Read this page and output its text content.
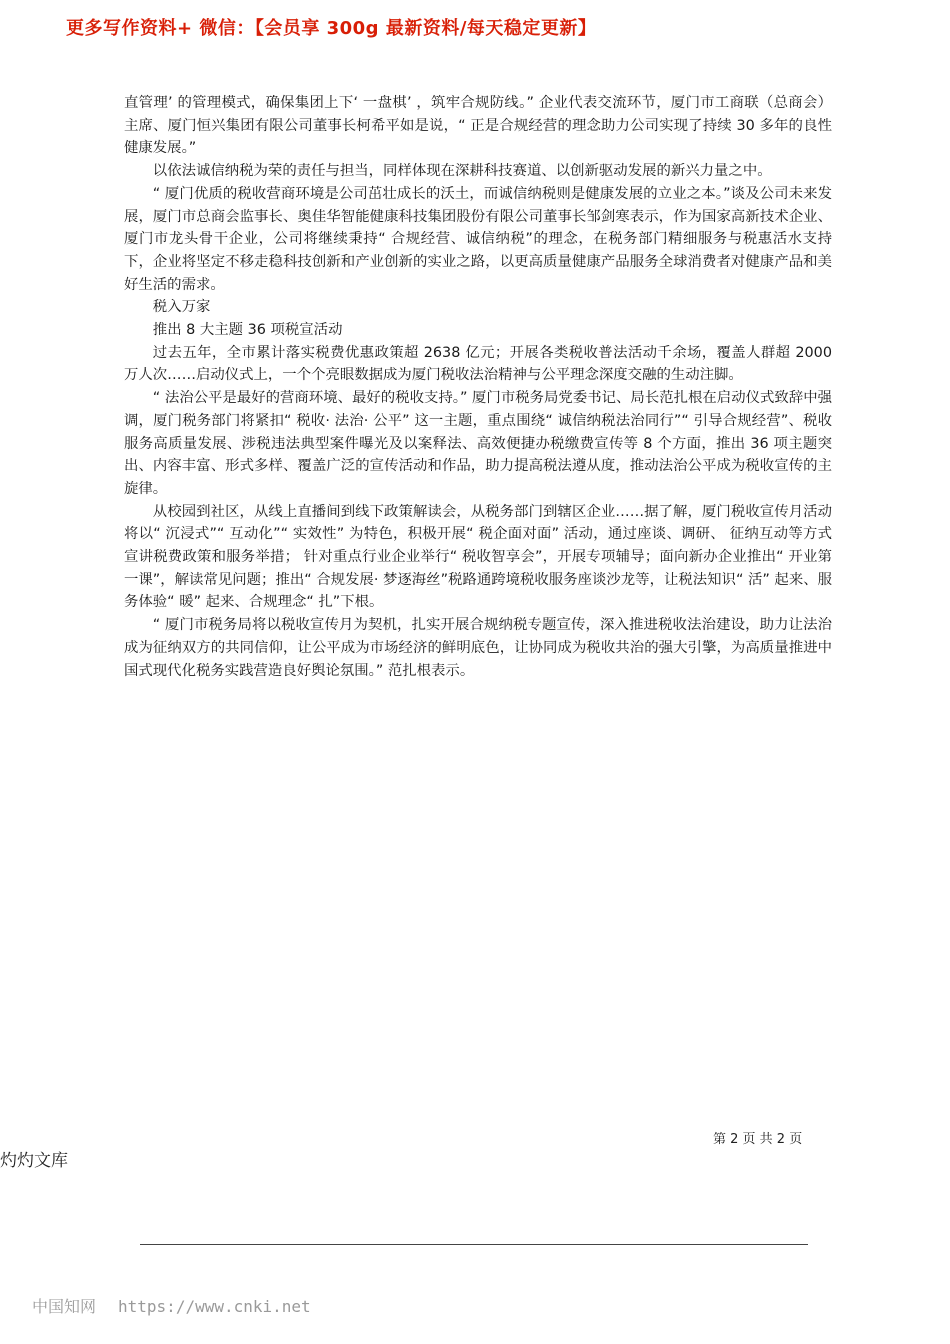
更多写作资料+ 微信：【会员享 300g 最新资料/每天稳定更新】

直管理’ 的管理模式，确保集团上下‘ 一盘棋’ ，筑牢合规防线。” 企业代表交流环节，厦门市工商联（总商会）主席、厦门恒兴集团有限公司董事长柯希平如是说，“ 正是合规经营的理念助力公司实现了持续 30 多年的良性健康发展。”

以依法诚信纳税为荣的责任与担当，同样体现在深耕科技赛道、以创新驱动发展的新兴力量之中。

“ 厦门优质的税收营商环境是公司茁壮成长的沃土，而诚信纳税则是健康发展的立业之本。”谈及公司未来发展，厦门市总商会监事长、奥佳华智能健康科技集团股份有限公司董事长邹剑寒表示，作为国家高新技术企业、厦门市龙头骨干企业，公司将继续秉持“ 合规经营、诚信纳税”的理念，在税务部门精细服务与税惠活水支持下，企业将坚定不移走稳科技创新和产业创新的实业之路，以更高质量健康产品服务全球消费者对健康产品和美好生活的需求。

税入万家

推出 8 大主题 36 项税宣活动

过去五年，全市累计落实税费优惠政策超 2638 亿元；开展各类税收普法活动千余场，覆盖人群超 2000 万人次……启动仪式上，一个个亮眼数据成为厦门税收法治精神与公平理念深度交融的生动注脚。

“ 法治公平是最好的营商环境、最好的税收支持。” 厦门市税务局党委书记、局长范扎根在启动仪式致辞中强调，厦门税务部门将紧扣“ 税收· 法治· 公平” 这一主题，重点围绕“ 诚信纳税法治同行”“ 引导合规经营”、税收服务高质量发展、涉税违法典型案件曝光及以案释法、高效便捷办税缴费宣传等 8 个方面，推出 36 项主题突出、内容丰富、形式多样、覆盖广泛的宣传活动和作品，助力提高税法遵从度，推动法治公平成为税收宣传的主旋律。

从校园到社区，从线上直播间到线下政策解读会，从税务部门到辖区企业……据了解，厦门税收宣传月活动将以“ 沉浸式”“ 互动化”“ 实效性” 为特色，积极开展“ 税企面对面” 活动，通过座谈、调研、 征纳互动等方式宣讲税费政策和服务举措； 针对重点行业企业举行“ 税收智享会”，开展专项辅导；面向新办企业推出“ 开业第一课”，解读常见问题；推出“ 合规发展· 梦逐海丝”税路通跨境税收服务座谈沙龙等，让税法知识“ 活” 起来、服务体验“ 暖” 起来、合规理念“ 扎”下根。

“ 厦门市税务局将以税收宣传月为契机，扎实开展合规纳税专题宣传，深入推进税收法治建设，助力让法治成为征纳双方的共同信仰，让公平成为市场经济的鲜明底色，让协同成为税收共治的强大引擎，为高质量推进中国式现代化税务实践营造良好舆论氛围。” 范扎根表示。

第 2 页 共 2 页
灼灼文库
中国知网 https://www.cnki.net
